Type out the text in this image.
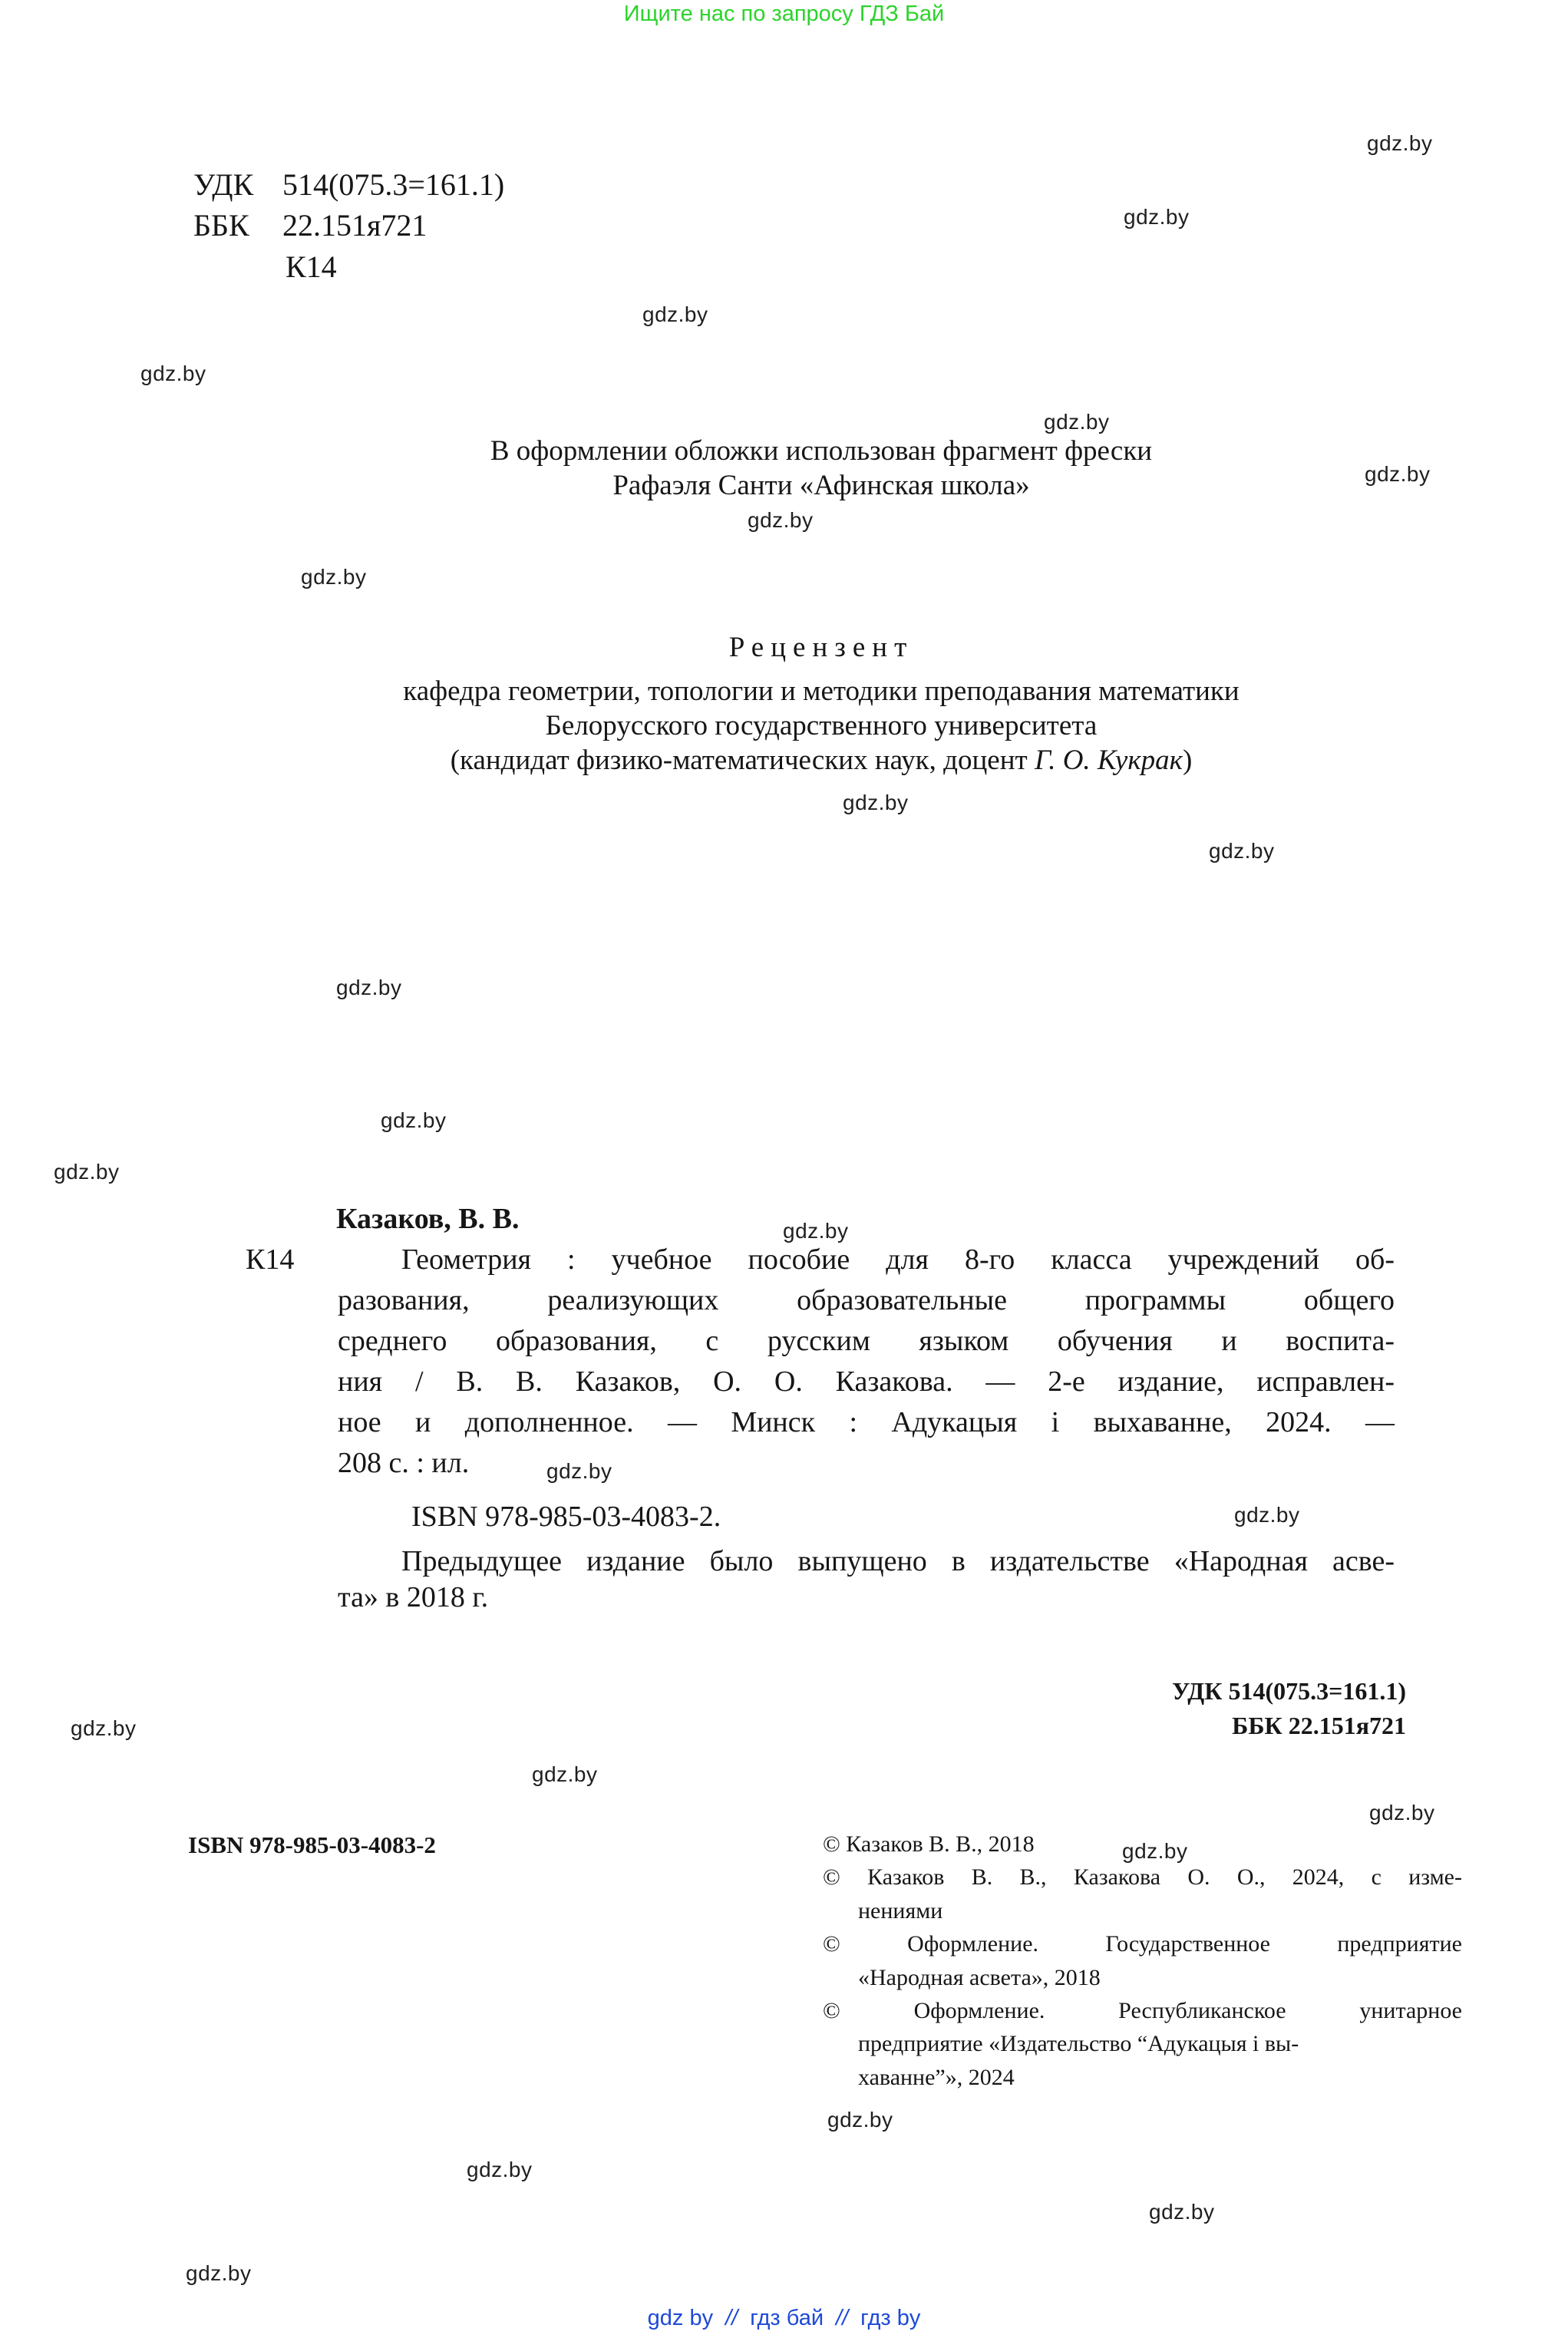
Ищите нас по запросу ГДЗ Бай
gdz.by
gdz.by
gdz.by
gdz.by
gdz.by
gdz.by
gdz.by
gdz.by
gdz.by
gdz.by
gdz.by
gdz.by
gdz.by
gdz.by
gdz.by
gdz.by
gdz.by
gdz.by
gdz.by
gdz.by
gdz.by
gdz.by
gdz.by
gdz.by
УДК 514(075.3=161.1)
ББК 22.151я721
К14
В оформлении обложки использован фрагмент фрески
Рафаэля Санти «Афинская школа»
Рецензент
кафедра геометрии, топологии и методики преподавания математики
Белорусского государственного университета
(кандидат физико-математических наук, доцент Г. О. Кукрак)
Казаков, В. В.
К14	Геометрия : учебное пособие для 8-го класса учреждений об-
разования, реализующих образовательные программы общего
среднего образования, с русским языком обучения и воспита-
ния / В. В. Казаков, О. О. Казакова. — 2-е издание, исправлен-
ное и дополненное. — Минск : Адукацыя і выхаванне, 2024. —
208 с. : ил.
ISBN 978-985-03-4083-2.
Предыдущее издание было выпущено в издательстве «Народная асве-
та» в 2018 г.
УДК 514(075.3=161.1)
ББК 22.151я721
ISBN 978-985-03-4083-2	© Казаков В. В., 2018
© Казаков В. В., Казакова О. О., 2024, с изме-
нениями
© Оформление. Государственное предприятие
«Народная асвета», 2018
© Оформление. Республиканское унитарное
предприятие «Издательство “Адукацыя і вы-
хаванне”», 2024
gdz by // гдз бай // гдз by
